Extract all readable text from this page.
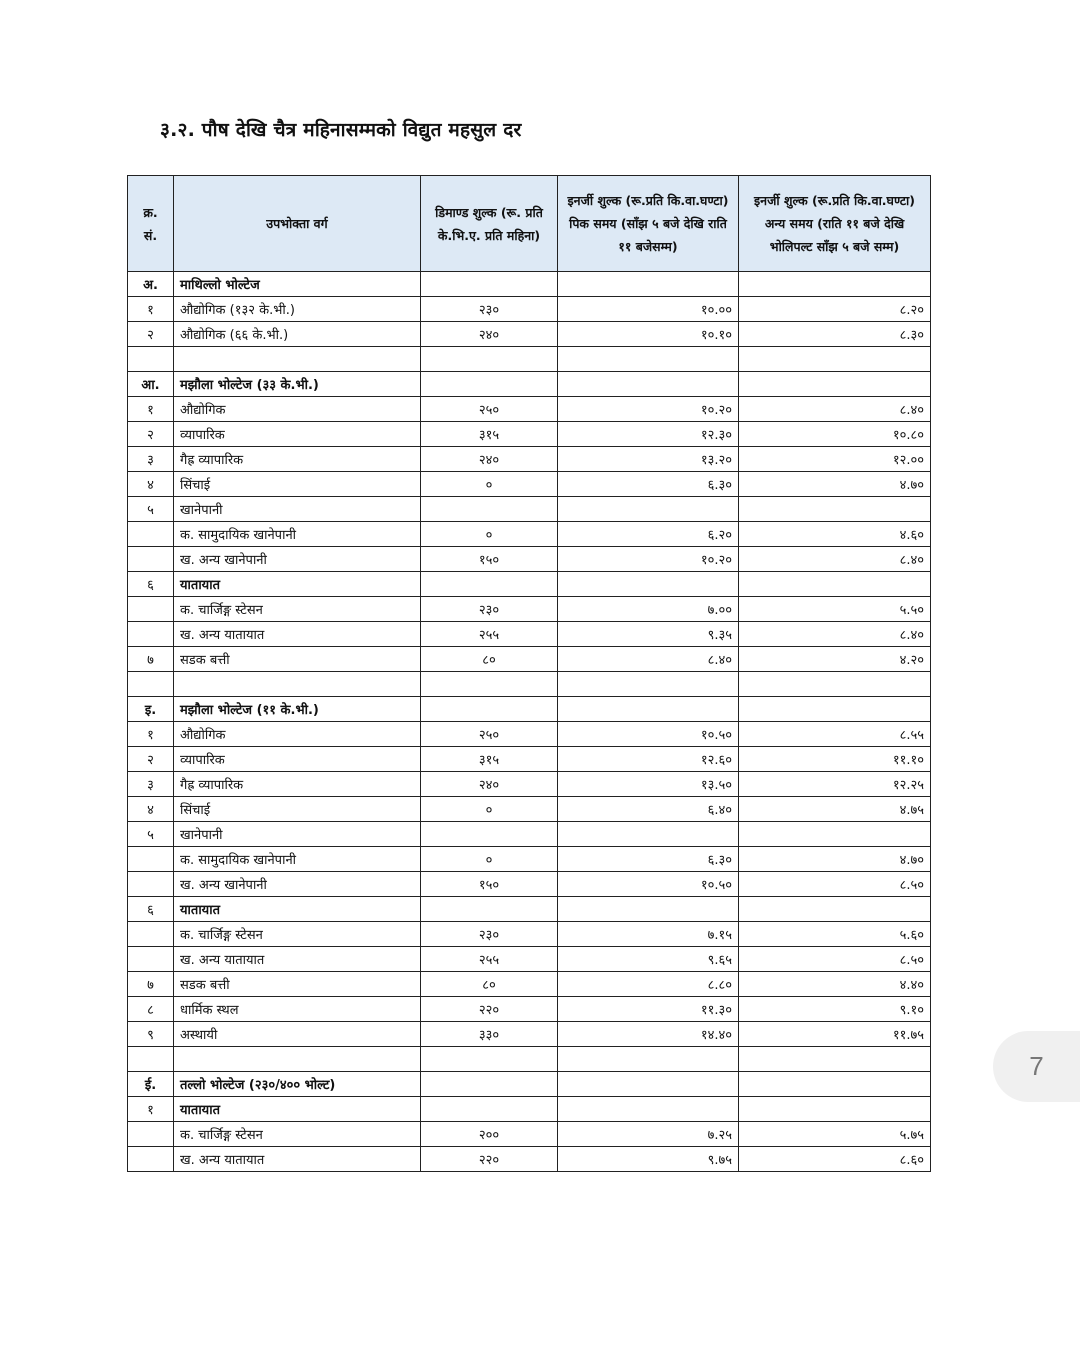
३.२. पौष देखि चैत्र महिनासम्मको विद्युत महसुल दर
क्र. सं.	उपभोक्ता वर्ग	डिमाण्ड शुल्क (रू. प्रति के.भि.ए. प्रति महिना)	इनर्जी शुल्क (रू.प्रति कि.वा.घण्टा) पिक समय (साँझ ५ बजे देखि राति ११ बजेसम्म)	इनर्जी शुल्क (रू.प्रति कि.वा.घण्टा) अन्य समय (राति ११ बजे देखि भोलिपल्ट साँझ ५ बजे सम्म)
अ.	माथिल्लो भोल्टेज			
१	औद्योगिक (१३२ के.भी.)	२३०	१०.००	८.२०
२	औद्योगिक (६६ के.भी.)	२४०	१०.१०	८.३०

आ.	मझौला भोल्टेज (३३ के.भी.)			
१	औद्योगिक	२५०	१०.२०	८.४०
२	व्यापारिक	३१५	१२.३०	१०.८०
३	गैह्र व्यापारिक	२४०	१३.२०	१२.००
४	सिंचाई	०	६.३०	४.७०
५	खानेपानी			
	क. सामुदायिक खानेपानी	०	६.२०	४.६०
	ख. अन्य खानेपानी	१५०	१०.२०	८.४०
६	यातायात			
	क. चार्जिङ्ग स्टेसन	२३०	७.००	५.५०
	ख. अन्य यातायात	२५५	९.३५	८.४०
७	सडक बत्ती	८०	८.४०	४.२०

इ.	मझौला भोल्टेज (११ के.भी.)			
१	औद्योगिक	२५०	१०.५०	८.५५
२	व्यापारिक	३१५	१२.६०	११.१०
३	गैह्र व्यापारिक	२४०	१३.५०	१२.२५
४	सिंचाई	०	६.४०	४.७५
५	खानेपानी			
	क. सामुदायिक खानेपानी	०	६.३०	४.७०
	ख. अन्य खानेपानी	१५०	१०.५०	८.५०
६	यातायात			
	क. चार्जिङ्ग स्टेसन	२३०	७.१५	५.६०
	ख. अन्य यातायात	२५५	९.६५	८.५०
७	सडक बत्ती	८०	८.८०	४.४०
८	धार्मिक स्थल	२२०	११.३०	९.१०
९	अस्थायी	३३०	१४.४०	११.७५

ई.	तल्लो भोल्टेज (२३०/४०० भोल्ट)			
१	यातायात			
	क. चार्जिङ्ग स्टेसन	२००	७.२५	५.७५
	ख. अन्य यातायात	२२०	९.७५	८.६०
7
